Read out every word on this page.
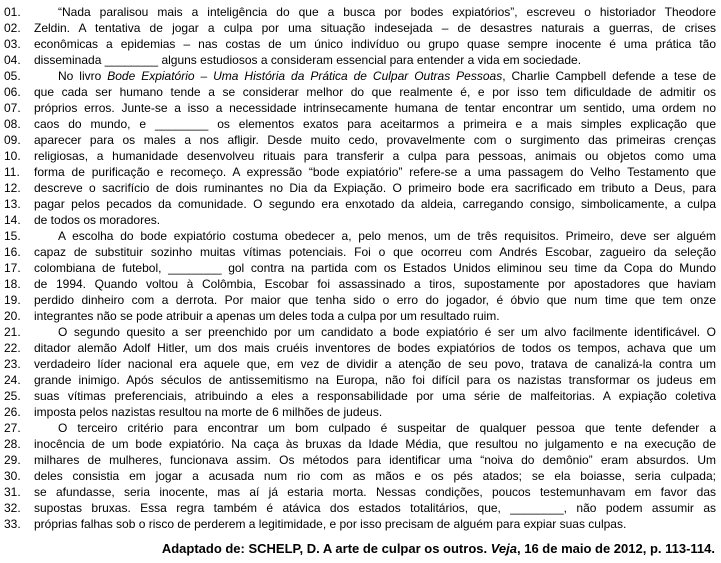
01.	“Nada paralisou mais a inteligência do que a busca por bodes expiatórios”, escreveu o historiador Theodore
02. Zeldin. A tentativa de jogar a culpa por uma situação indesejada – de desastres naturais a guerras, de crises
03. econômicas a epidemias – nas costas de um único indivíduo ou grupo quase sempre inocente é uma prática tão
04. disseminada ________ alguns estudiosos a consideram essencial para entender a vida em sociedade.
05.	No livro Bode Expiatório – Uma História da Prática de Culpar Outras Pessoas, Charlie Campbell defende a tese de
06. que cada ser humano tende a se considerar melhor do que realmente é, e por isso tem dificuldade de admitir os
07. próprios erros. Junte-se a isso a necessidade intrinsecamente humana de tentar encontrar um sentido, uma ordem no
08. caos do mundo, e ________ os elementos exatos para aceitarmos a primeira e a mais simples explicação que
09. aparecer para os males a nos afligir. Desde muito cedo, provavelmente com o surgimento das primeiras crenças
10. religiosas, a humanidade desenvolveu rituais para transferir a culpa para pessoas, animais ou objetos como uma
11. forma de purificação e recomeço. A expressão “bode expiatório” refere-se a uma passagem do Velho Testamento que
12. descreve o sacrifício de dois ruminantes no Dia da Expiação. O primeiro bode era sacrificado em tributo a Deus, para
13. pagar pelos pecados da comunidade. O segundo era enxotado da aldeia, carregando consigo, simbolicamente, a culpa
14. de todos os moradores.
15.	A escolha do bode expiatório costuma obedecer a, pelo menos, um de três requisitos. Primeiro, deve ser alguém
16. capaz de substituir sozinho muitas vítimas potenciais. Foi o que ocorreu com Andrés Escobar, zagueiro da seleção
17. colombiana de futebol, ________ gol contra na partida com os Estados Unidos eliminou seu time da Copa do Mundo
18. de 1994. Quando voltou à Colômbia, Escobar foi assassinado a tiros, supostamente por apostadores que haviam
19. perdido dinheiro com a derrota. Por maior que tenha sido o erro do jogador, é óbvio que num time que tem onze
20. integrantes não se pode atribuir a apenas um deles toda a culpa por um resultado ruim.
21.	O segundo quesito a ser preenchido por um candidato a bode expiatório é ser um alvo facilmente identificável. O
22. ditador alemão Adolf Hitler, um dos mais cruéis inventores de bodes expiatórios de todos os tempos, achava que um
23. verdadeiro líder nacional era aquele que, em vez de dividir a atenção de seu povo, tratava de canalizá-la contra um
24. grande inimigo. Após séculos de antissemitismo na Europa, não foi difícil para os nazistas transformar os judeus em
25. suas vítimas preferenciais, atribuindo a eles a responsabilidade por uma série de malfeitorias. A expiação coletiva
26. imposta pelos nazistas resultou na morte de 6 milhões de judeus.
27.	O terceiro critério para encontrar um bom culpado é suspeitar de qualquer pessoa que tente defender a
28. inocência de um bode expiatório. Na caça às bruxas da Idade Média, que resultou no julgamento e na execução de
29. milhares de mulheres, funcionava assim. Os métodos para identificar uma “noiva do demônio” eram absurdos. Um
30. deles consistia em jogar a acusada num rio com as mãos e os pés atados; se ela boiasse, seria culpada;
31. se afundasse, seria inocente, mas aí já estaria morta. Nessas condições, poucos testemunhavam em favor das
32. supostas bruxas. Essa regra também é atávica dos estados totalitários, que, ________, não podem assumir as
33. próprias falhas sob o risco de perderem a legitimidade, e por isso precisam de alguém para expiar suas culpas.
Adaptado de: SCHELP, D. A arte de culpar os outros. Veja, 16 de maio de 2012, p. 113-114.
